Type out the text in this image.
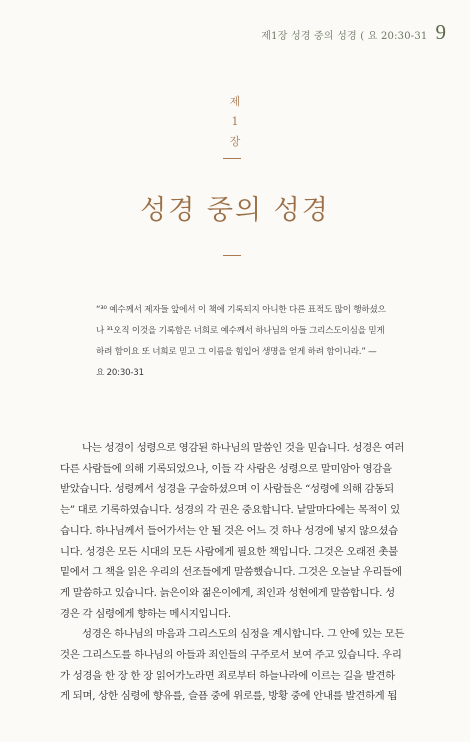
제1장 성경 중의 성경 ( 요 20:30-31 9
제
1
장
성경 중의 성경

“³⁰ 예수께서 제자들 앞에서 이 책에 기록되지 아니한 다른 표적도 많이 행하셨으

나 ³¹오직 이것을 기록함은 너희로 예수께서 하나님의 아들 그리스도이심을 믿게

하려 함이요 또 너희로 믿고 그 이름을 힘입어 생명을 얻게 하려 함이니라.” —

요 20:30-31

나는 성경이 성령으로 영감된 하나님의 말씀인 것을 믿습니다. 성경은 여러

다른 사람들에 의해 기록되었으나, 이들 각 사람은 성령으로 말미암아 영감을

받았습니다. 성령께서 성경을 구술하셨으며 이 사람들은 “성령에 의해 감동되

는” 대로 기록하였습니다. 성경의 각 권은 중요합니다. 낱말마다에는 목적이 있

습니다. 하나님께서 들어가서는 안 될 것은 어느 것 하나 성경에 넣지 않으셨습

니다. 성경은 모든 시대의 모든 사람에게 필요한 책입니다. 그것은 오래전 촛불

밑에서 그 책을 읽은 우리의 선조들에게 말씀했습니다. 그것은 오늘날 우리들에

게 말씀하고 있습니다. 늙은이와 젊은이에게, 죄인과 성현에게 말씀합니다. 성

경은 각 심령에게 향하는 메시지입니다.

성경은 하나님의 마음과 그리스도의 심정을 계시합니다. 그 안에 있는 모든

것은 그리스도를 하나님의 아들과 죄인들의 구주로서 보여 주고 있습니다. 우리

가 성경을 한 장 한 장 읽어가노라면 죄로부터 하늘나라에 이르는 길을 발견하

게 되며, 상한 심령에 향유를, 슬픔 중에 위로를, 방황 중에 안내를 발견하게 됩
